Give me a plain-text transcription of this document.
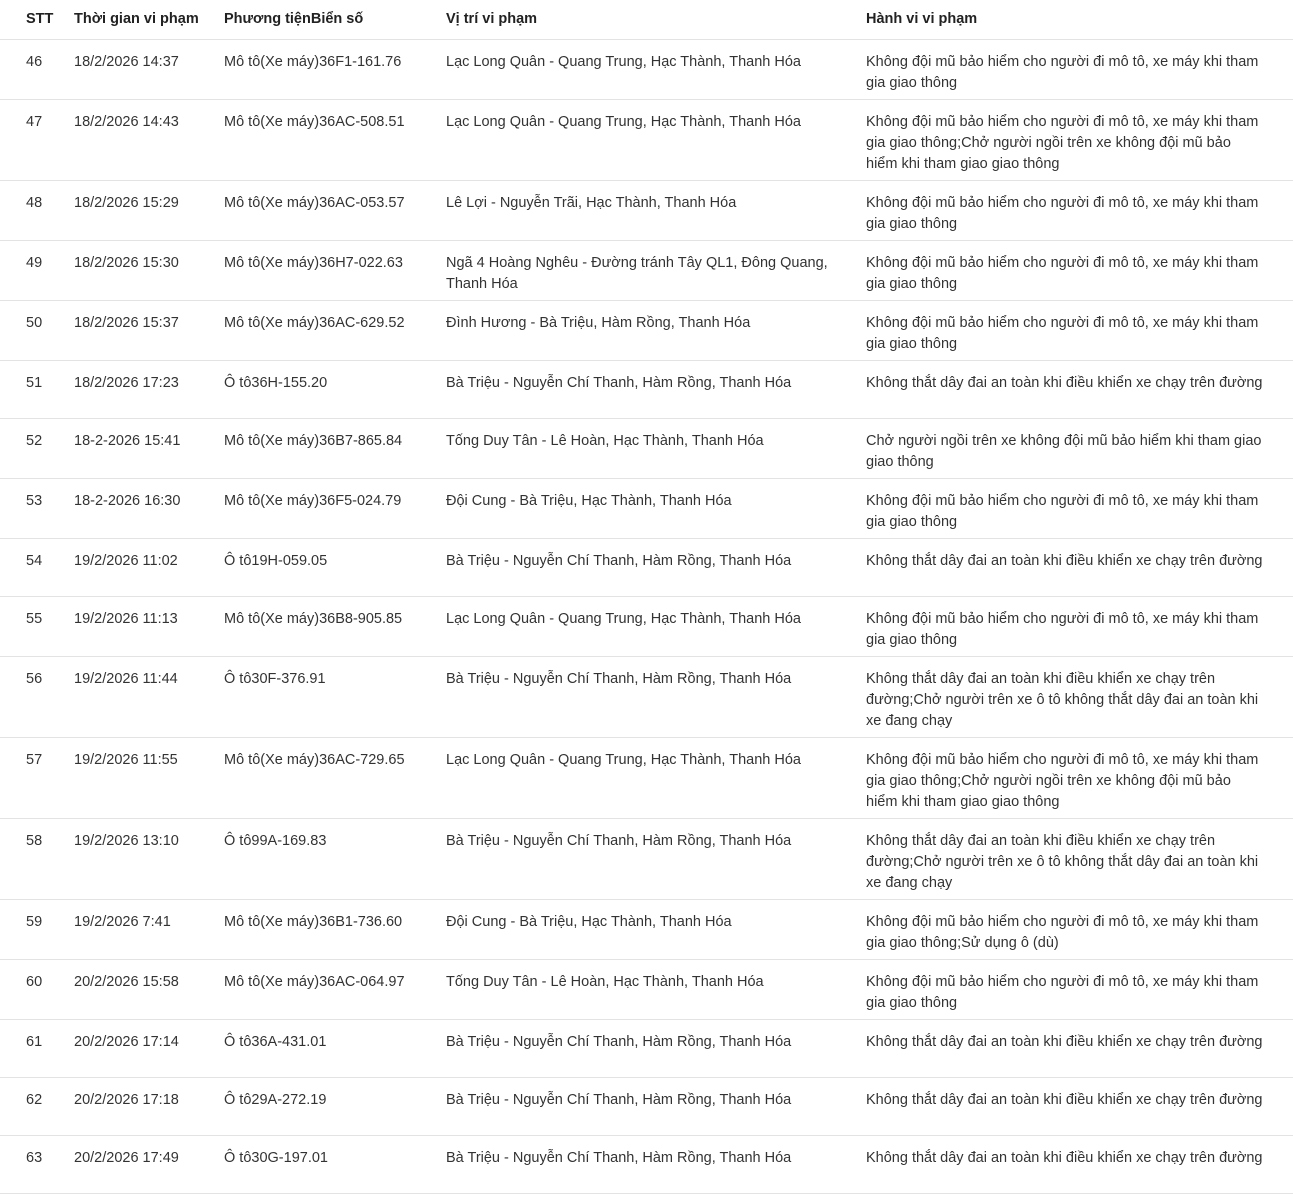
STT	Thời gian vi phạm	Phương tiệnBiển số	Vị trí vi phạm	Hành vi vi phạm
46	18/2/2026 14:37	Mô tô(Xe máy)36F1-161.76	Lạc Long Quân - Quang Trung, Hạc Thành, Thanh Hóa	Không đội mũ bảo hiểm cho người đi mô tô, xe máy khi tham gia giao thông
47	18/2/2026 14:43	Mô tô(Xe máy)36AC-508.51	Lạc Long Quân - Quang Trung, Hạc Thành, Thanh Hóa	Không đội mũ bảo hiểm cho người đi mô tô, xe máy khi tham gia giao thông;Chở người ngồi trên xe không đội mũ bảo hiểm khi tham giao giao thông
48	18/2/2026 15:29	Mô tô(Xe máy)36AC-053.57	Lê Lợi - Nguyễn Trãi, Hạc Thành, Thanh Hóa	Không đội mũ bảo hiểm cho người đi mô tô, xe máy khi tham gia giao thông
49	18/2/2026 15:30	Mô tô(Xe máy)36H7-022.63	Ngã 4 Hoàng Nghêu - Đường tránh Tây QL1, Đông Quang, Thanh Hóa	Không đội mũ bảo hiểm cho người đi mô tô, xe máy khi tham gia giao thông
50	18/2/2026 15:37	Mô tô(Xe máy)36AC-629.52	Đình Hương - Bà Triệu, Hàm Rồng, Thanh Hóa	Không đội mũ bảo hiểm cho người đi mô tô, xe máy khi tham gia giao thông
51	18/2/2026 17:23	Ô tô36H-155.20	Bà Triệu - Nguyễn Chí Thanh, Hàm Rồng, Thanh Hóa	Không thắt dây đai an toàn khi điều khiển xe chạy trên đường
52	18-2-2026 15:41	Mô tô(Xe máy)36B7-865.84	Tống Duy Tân - Lê Hoàn, Hạc Thành, Thanh Hóa	Chở người ngồi trên xe không đội mũ bảo hiểm khi tham giao giao thông
53	18-2-2026 16:30	Mô tô(Xe máy)36F5-024.79	Đội Cung - Bà Triệu, Hạc Thành, Thanh Hóa	Không đội mũ bảo hiểm cho người đi mô tô, xe máy khi tham gia giao thông
54	19/2/2026 11:02	Ô tô19H-059.05	Bà Triệu - Nguyễn Chí Thanh, Hàm Rồng, Thanh Hóa	Không thắt dây đai an toàn khi điều khiển xe chạy trên đường
55	19/2/2026 11:13	Mô tô(Xe máy)36B8-905.85	Lạc Long Quân - Quang Trung, Hạc Thành, Thanh Hóa	Không đội mũ bảo hiểm cho người đi mô tô, xe máy khi tham gia giao thông
56	19/2/2026 11:44	Ô tô30F-376.91	Bà Triệu - Nguyễn Chí Thanh, Hàm Rồng, Thanh Hóa	Không thắt dây đai an toàn khi điều khiển xe chạy trên đường;Chở người trên xe ô tô không thắt dây đai an toàn khi xe đang chạy
57	19/2/2026 11:55	Mô tô(Xe máy)36AC-729.65	Lạc Long Quân - Quang Trung, Hạc Thành, Thanh Hóa	Không đội mũ bảo hiểm cho người đi mô tô, xe máy khi tham gia giao thông;Chở người ngồi trên xe không đội mũ bảo hiểm khi tham giao giao thông
58	19/2/2026 13:10	Ô tô99A-169.83	Bà Triệu - Nguyễn Chí Thanh, Hàm Rồng, Thanh Hóa	Không thắt dây đai an toàn khi điều khiển xe chạy trên đường;Chở người trên xe ô tô không thắt dây đai an toàn khi xe đang chạy
59	19/2/2026 7:41	Mô tô(Xe máy)36B1-736.60	Đội Cung - Bà Triệu, Hạc Thành, Thanh Hóa	Không đội mũ bảo hiểm cho người đi mô tô, xe máy khi tham gia giao thông;Sử dụng ô (dù)
60	20/2/2026 15:58	Mô tô(Xe máy)36AC-064.97	Tống Duy Tân - Lê Hoàn, Hạc Thành, Thanh Hóa	Không đội mũ bảo hiểm cho người đi mô tô, xe máy khi tham gia giao thông
61	20/2/2026 17:14	Ô tô36A-431.01	Bà Triệu - Nguyễn Chí Thanh, Hàm Rồng, Thanh Hóa	Không thắt dây đai an toàn khi điều khiển xe chạy trên đường
62	20/2/2026 17:18	Ô tô29A-272.19	Bà Triệu - Nguyễn Chí Thanh, Hàm Rồng, Thanh Hóa	Không thắt dây đai an toàn khi điều khiển xe chạy trên đường
63	20/2/2026 17:49	Ô tô30G-197.01	Bà Triệu - Nguyễn Chí Thanh, Hàm Rồng, Thanh Hóa	Không thắt dây đai an toàn khi điều khiển xe chạy trên đường
